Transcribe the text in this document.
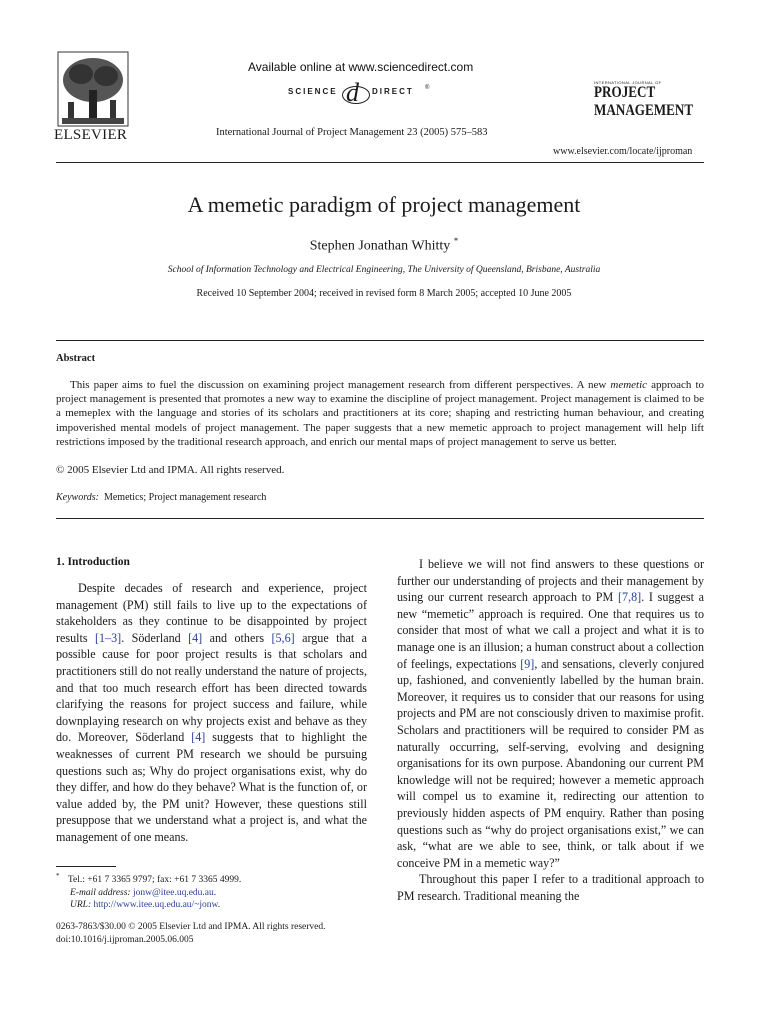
ELSEVIER
Available online at www.sciencedirect.com
SCIENCE d DIRECT ®
International Journal of Project Management 23 (2005) 575–583
INTERNATIONAL JOURNAL OF
PROJECT
MANAGEMENT
www.elsevier.com/locate/ijproman
A memetic paradigm of project management
Stephen Jonathan Whitty *
School of Information Technology and Electrical Engineering, The University of Queensland, Brisbane, Australia
Received 10 September 2004; received in revised form 8 March 2005; accepted 10 June 2005
Abstract
This paper aims to fuel the discussion on examining project management research from different perspectives. A new memetic approach to project management is presented that promotes a new way to examine the discipline of project management. Project management is claimed to be a memeplex with the language and stories of its scholars and practitioners at its core; shaping and restricting human behaviour, and creating impoverished mental models of project management. The paper suggests that a new memetic approach to project management will help lift restrictions imposed by the traditional research approach, and enrich our mental maps of project management to serve us better.
© 2005 Elsevier Ltd and IPMA. All rights reserved.
Keywords: Memetics; Project management research
1. Introduction

Despite decades of research and experience, project management (PM) still fails to live up to the expectations of stakeholders as they continue to be disappointed by project results [1–3]. Söderland [4] and others [5,6] argue that a possible cause for poor project results is that scholars and practitioners still do not really understand the nature of projects, and that too much research effort has been directed towards clarifying the reasons for project success and failure, while downplaying research on why projects exist and behave as they do. Moreover, Söderland [4] suggests that to highlight the weaknesses of current PM research we should be pursuing questions such as; Why do project organisations exist, why do they differ, and how do they behave? What is the function of, or value added by, the PM unit? However, these questions still presuppose that we understand what a project is, and what the management of one means.

* Tel.: +61 7 3365 9797; fax: +61 7 3365 4999.
E-mail address: jonw@itee.uq.edu.au.
URL: http://www.itee.uq.edu.au/~jonw.
0263-7863/$30.00 © 2005 Elsevier Ltd and IPMA. All rights reserved.
doi:10.1016/j.ijproman.2005.06.005

I believe we will not find answers to these questions or further our understanding of projects and their management by using our current research approach to PM [7,8]. I suggest a new “memetic” approach is required. One that requires us to consider that most of what we call a project and what it is to manage one is an illusion; a human construct about a collection of feelings, expectations [9], and sensations, cleverly conjured up, fashioned, and conveniently labelled by the human brain. Moreover, it requires us to consider that our reasons for using projects and PM are not consciously driven to maximise profit. Scholars and practitioners will be required to consider PM as naturally occurring, self-serving, evolving and designing organisations for its own purpose. Abandoning our current PM knowledge will not be required; however a memetic approach will compel us to examine it, redirecting our attention to previously hidden aspects of PM enquiry. Rather than posing questions such as “why do project organisations exist,” we can ask, “what are we able to see, think, or talk about if we conceive PM in a memetic way?”

Throughout this paper I refer to a traditional approach to PM research. Traditional meaning the
